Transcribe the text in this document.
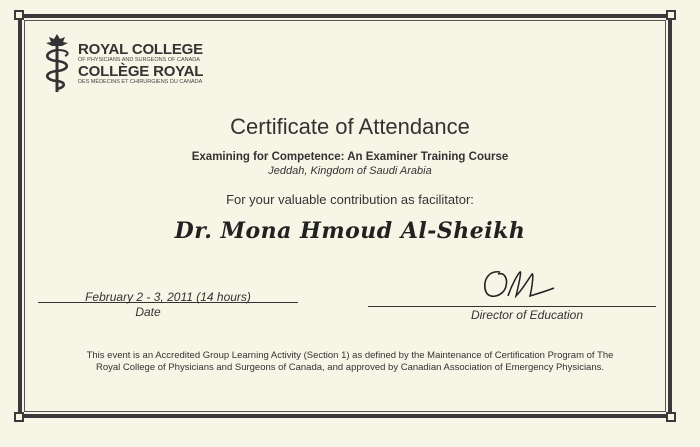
ROYAL COLLEGE
OF PHYSICIANS AND SURGEONS OF CANADA
COLLÈGE ROYAL
DES MÉDECINS ET CHIRURGIENS DU CANADA
Certificate of Attendance
Examining for Competence: An Examiner Training Course
Jeddah, Kingdom of Saudi Arabia
For your valuable contribution as facilitator:
Dr. Mona Hmoud Al-Sheikh
February 2 - 3, 2011 (14 hours)
Date	Director of Education
This event is an Accredited Group Learning Activity (Section 1) as defined by the Maintenance of Certification Program of The
Royal College of Physicians and Surgeons of Canada, and approved by Canadian Association of Emergency Physicians.
